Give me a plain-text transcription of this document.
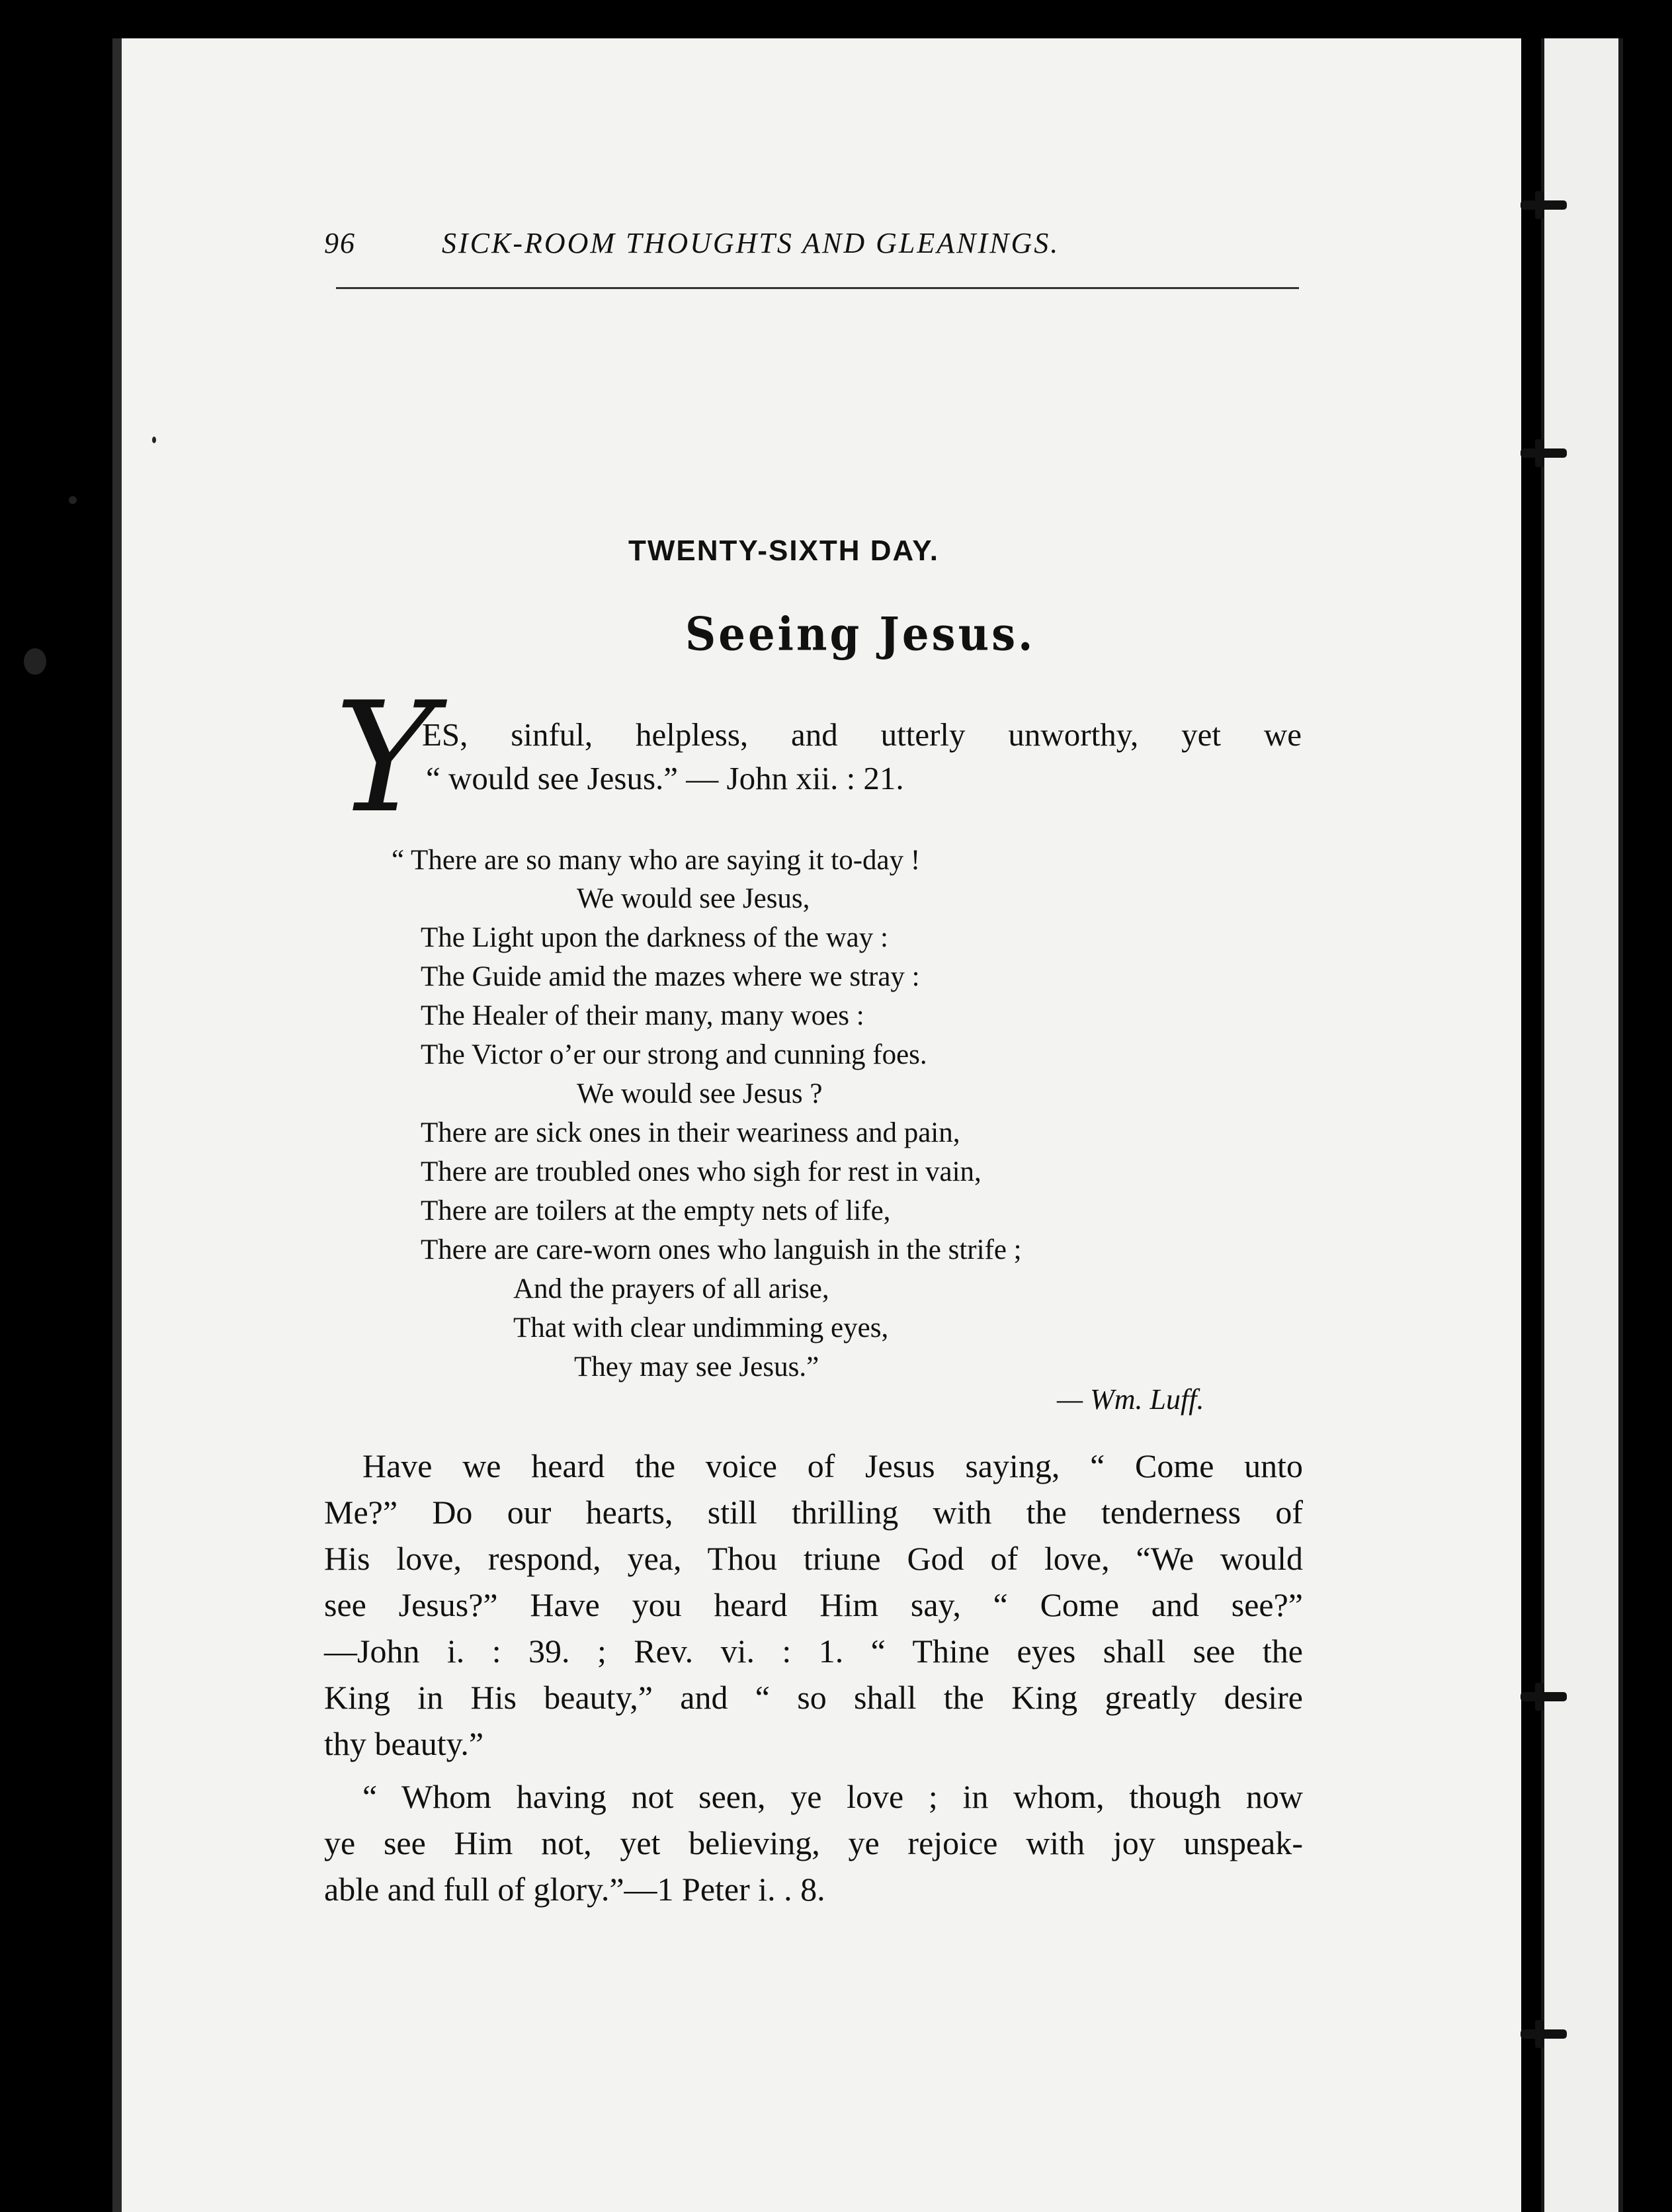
96	SICK-ROOM THOUGHTS AND GLEANINGS.
TWENTY-SIXTH DAY.
Seeing Jesus.
Y
ES, sinful, helpless, and utterly unworthy, yet we
“ would see Jesus.” — John xii. : 21.
“ There are so many who are saying it to-day !
We would see Jesus,
The Light upon the darkness of the way :
The Guide amid the mazes where we stray :
The Healer of their many, many woes :
The Victor o’er our strong and cunning foes.
We would see Jesus ?
There are sick ones in their weariness and pain,
There are troubled ones who sigh for rest in vain,
There are toilers at the empty nets of life,
There are care-worn ones who languish in the strife ;
And the prayers of all arise,
That with clear undimming eyes,
They may see Jesus.”
— Wm. Luff.
Have we heard the voice of Jesus saying, “ Come unto
Me?” Do our hearts, still thrilling with the tenderness of
His love, respond, yea, Thou triune God of love, “We would
see Jesus?” Have you heard Him say, “ Come and see?”
—John i. : 39. ; Rev. vi. : 1. “ Thine eyes shall see the
King in His beauty,” and “ so shall the King greatly desire
thy beauty.”
“ Whom having not seen, ye love ; in whom, though now
ye see Him not, yet believing, ye rejoice with joy unspeak-
able and full of glory.”—1 Peter i. . 8.
